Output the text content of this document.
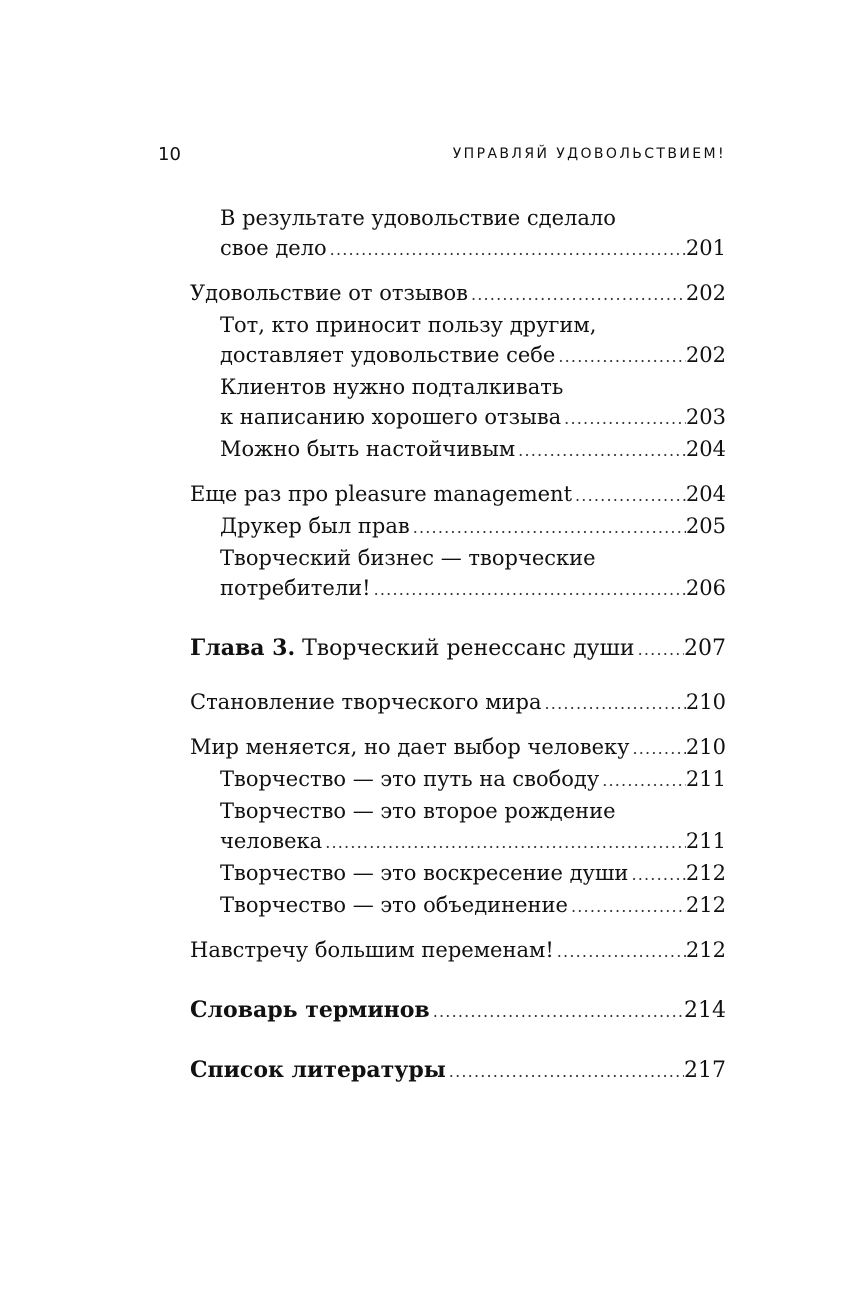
10	УПРАВЛЯЙ УДОВОЛЬСТВИЕМ!
В результате удовольствие сделало
свое дело .....	201
Удовольствие от отзывов .....	202
Тот, кто приносит пользу другим,
доставляет удовольствие себе .....	202
Клиентов нужно подталкивать
к написанию хорошего отзыва .....	203
Можно быть настойчивым .....	204
Еще раз про pleasure management .....	204
Друкер был прав .....	205
Творческий бизнес — творческие
потребители! .....	206
Глава 3. Творческий ренессанс души ..... 207
Становление творческого мира .....	210
Мир меняется, но дает выбор человеку .....	210
Творчество — это путь на свободу .....	211
Творчество — это второе рождение
человека .....	211
Творчество — это воскресение души .....	212
Творчество — это объединение .....	212
Навстречу большим переменам! .....	212
Словарь терминов .....	214
Список литературы .....	217
